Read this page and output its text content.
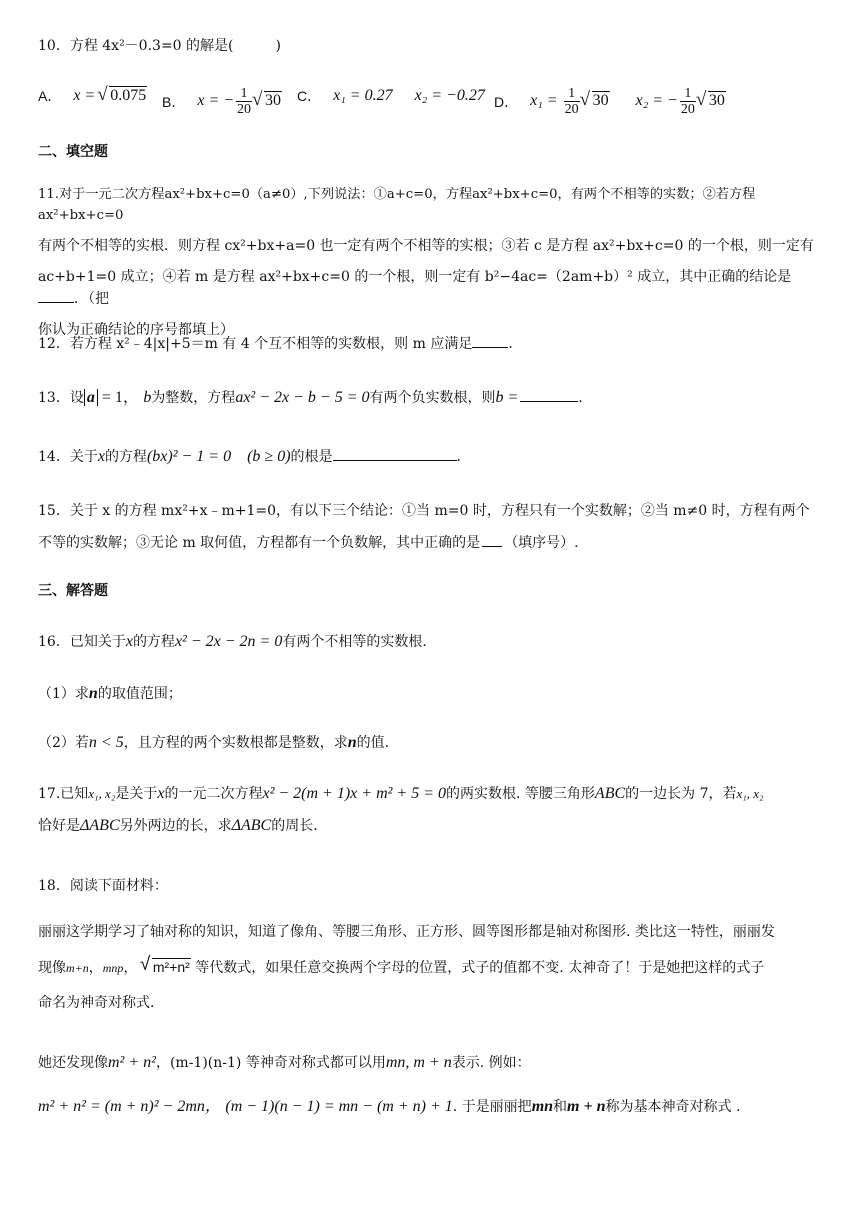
10．方程 4x²－0.3=0 的解是(　　　)
A． x = √ 0.075 B． x = − $\frac{1}{20}$ √ 30 C． x₁ = 0.27 x₂ = −0.27 D． $x_1 = \frac{1}{20}$ √ 30 x₂ = − $\frac{1}{20}$ √ 30
二、填空题
11.对于一元二次方程ax²+bx+c=0（a≠0）,下列说法：①a+c=0，方程ax²+bx+c=0，有两个不相等的实数；②若方程 ax²+bx+c=0
有两个不相等的实根．则方程 cx²+bx+a=0 也一定有两个不相等的实根；③若 c 是方程 ax²+bx+c=0 的一个根，则一定有
ac+b+1=0 成立；④若 m 是方程 ax²+bx+c=0 的一个根，则一定有 b²−4ac=（2am+b）² 成立，其中正确的结论是．（把
你认为正确结论的序号都填上）
12．若方程 x²﹣4|x|+5＝m 有 4 个互不相等的实数根，则 m 应满足	.
13．设 a = 1， b为整数，方程ax² − 2x − b − 5 = 0有两个负实数根，则b =	.
14．关于x的方程(bx)² − 1 = 0　(b ≥ 0)的根是	.
15．关于 x 的方程 mx²+x﹣m+1=0，有以下三个结论：①当 m=0 时，方程只有一个实数解；②当 m≠0 时，方程有两个
不等的实数解；③无论 m 取何值，方程都有一个负数解，其中正确的是 （填序号）.
三、解答题
16．已知关于x的方程x² − 2x − 2n = 0有两个不相等的实数根.
（1）求n的取值范围；
（2）若n < 5，且方程的两个实数根都是整数，求n的值.
17.已知x₁, x₂是关于x的一元二次方程x² − 2(m + 1)x + m² + 5 = 0的两实数根. 等腰三角形ABC的一边长为 7，若x₁, x₂
恰好是ΔABC另外两边的长，求ΔABC的周长.
18．阅读下面材料：
丽丽这学期学习了轴对称的知识，知道了像角、等腰三角形、正方形、圆等图形都是轴对称图形. 类比这一特性，丽丽发
现像m+n，mnp， √ m²+n² 等代数式，如果任意交换两个字母的位置，式子的值都不变. 太神奇了！于是她把这样的式子
命名为神奇对称式.
她还发现像m² + n²，(m-1)(n-1) 等神奇对称式都可以用mn, m + n表示. 例如：
m² + n² = (m + n)² − 2mn， (m − 1)(n − 1) = mn − (m + n) + 1. 于是丽丽把mn和m + n称为基本神奇对称式 .
